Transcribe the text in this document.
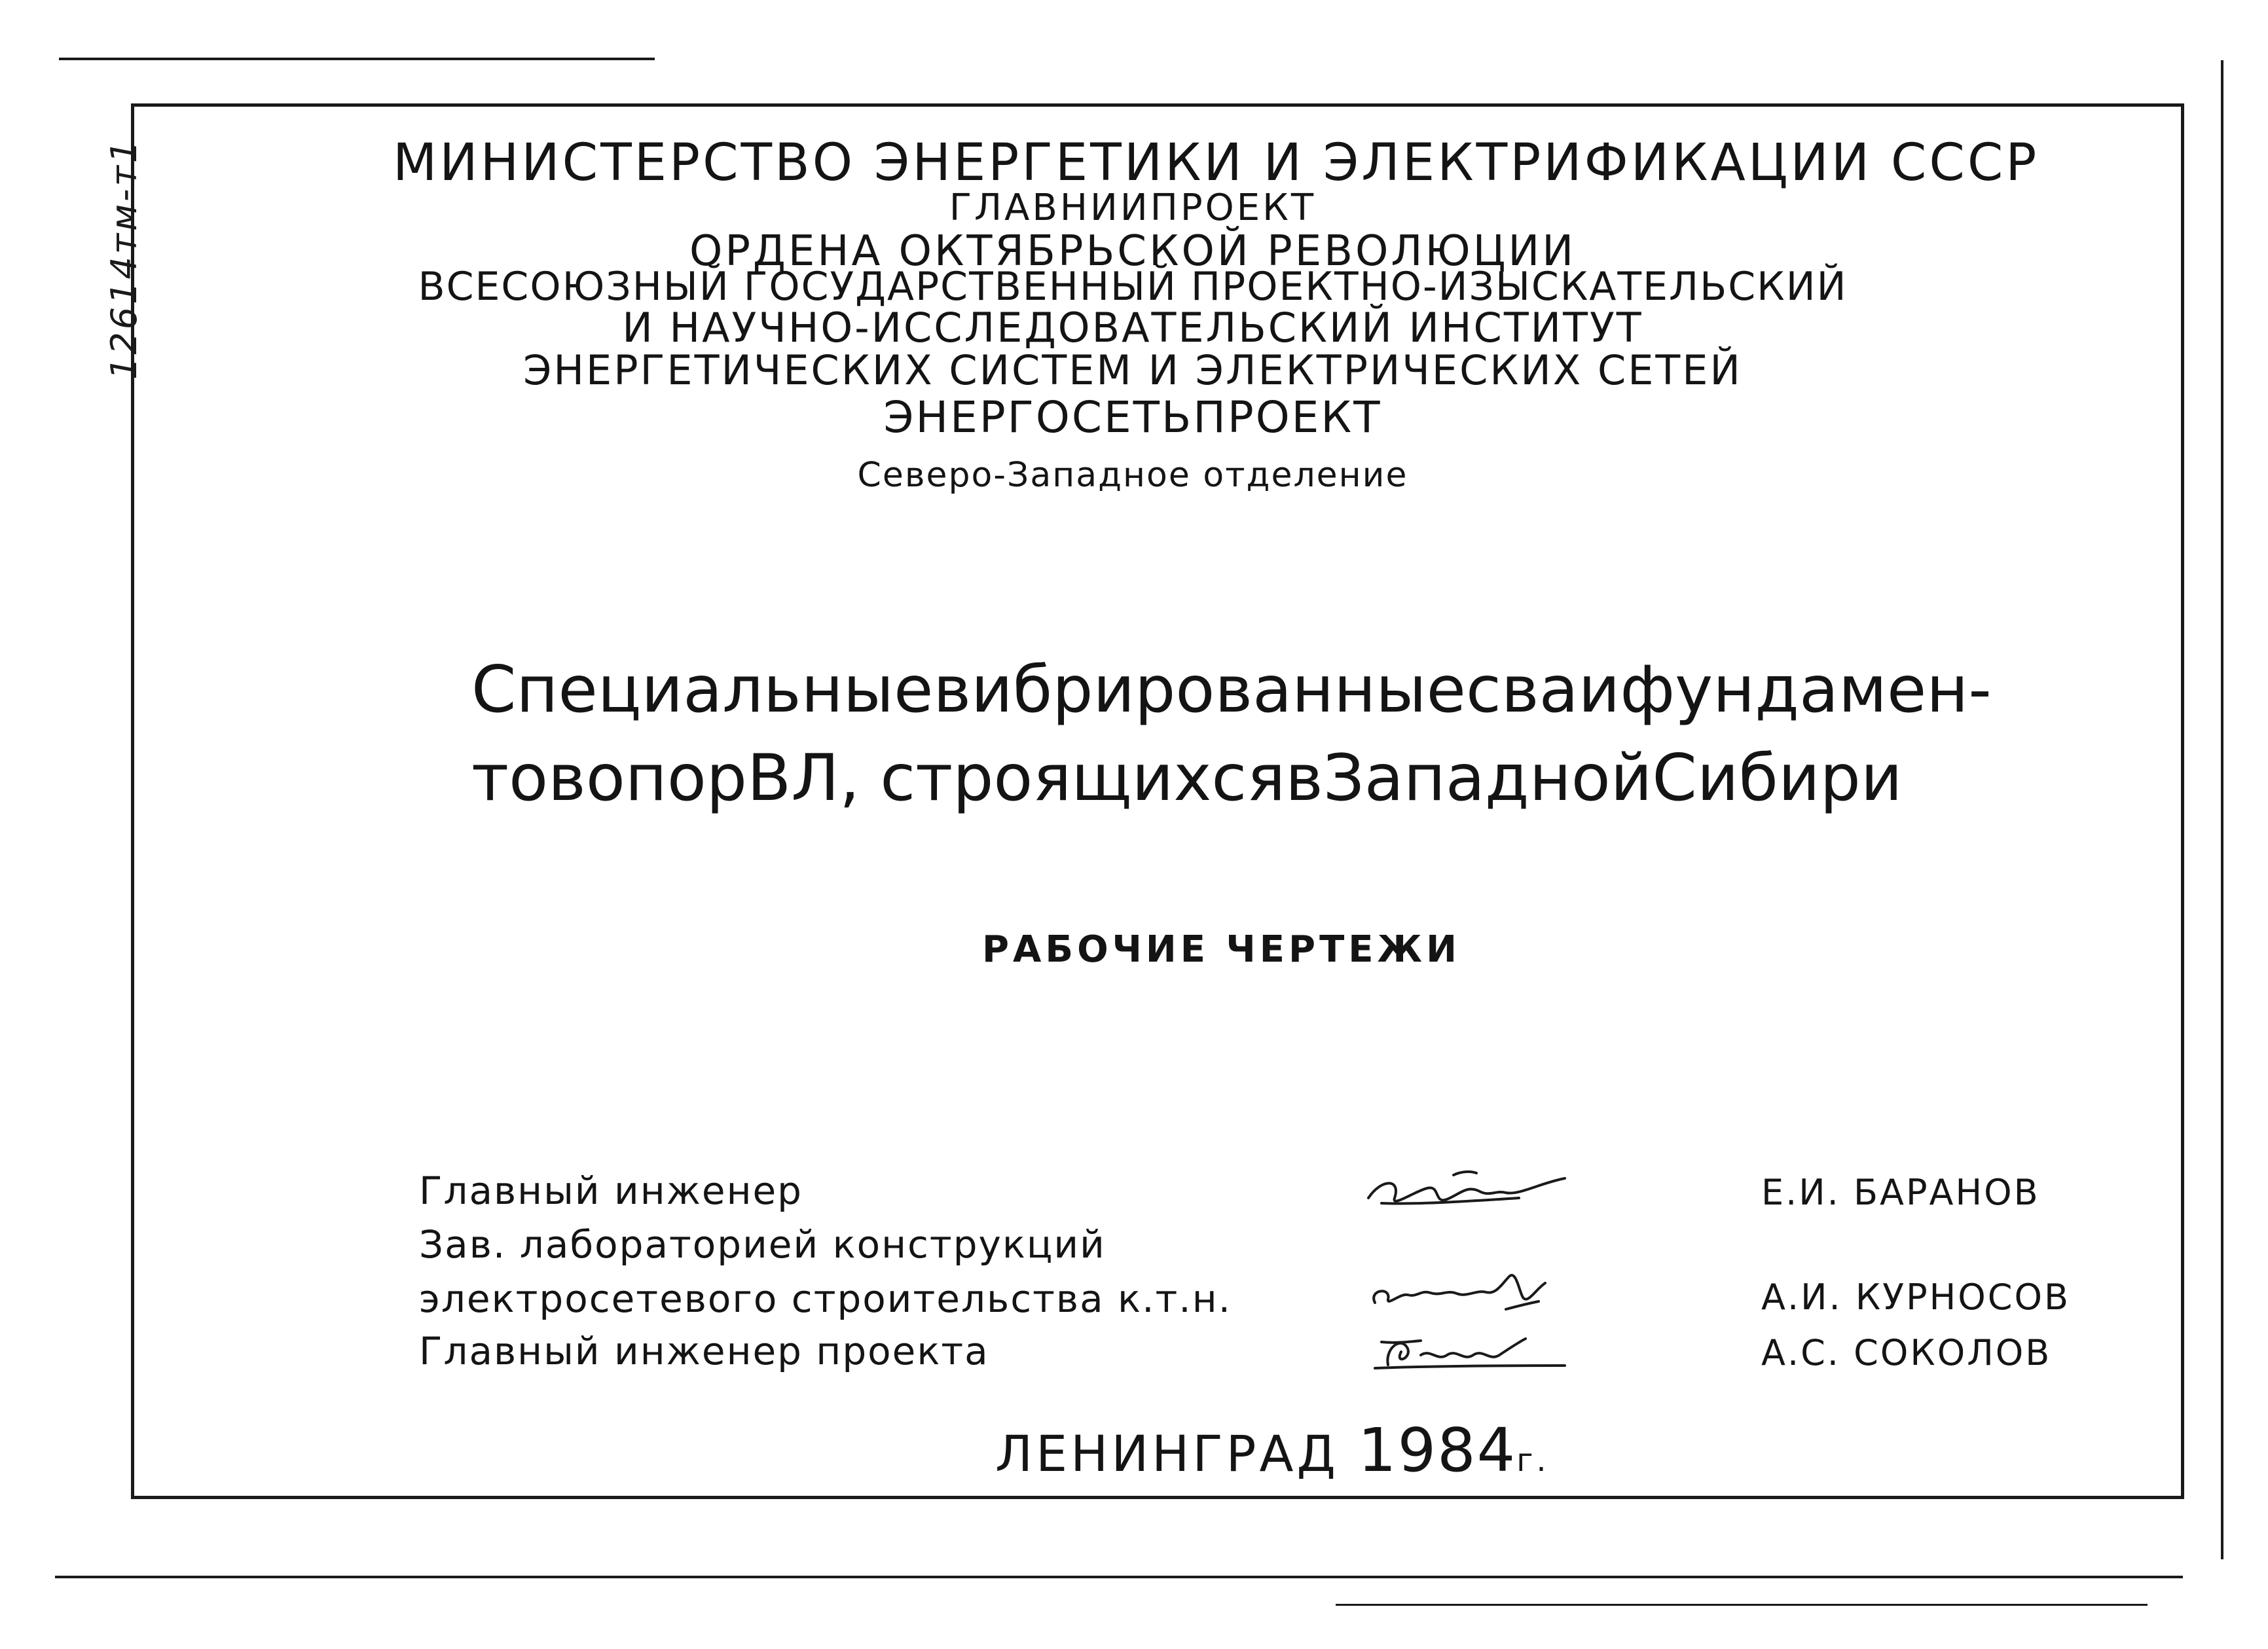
12614тм-т1	МИНИСТЕРСТВО ЭНЕРГЕТИКИ И ЭЛЕКТРИФИКАЦИИ СССР
ГЛАВНИИПРОЕКТ
ОРДЕНА ОКТЯБРЬСКОЙ РЕВОЛЮЦИИ
ВСЕСОЮЗНЫЙ ГОСУДАРСТВЕННЫЙ ПРОЕКТНО-ИЗЫСКАТЕЛЬСКИЙ
И НАУЧНО-ИССЛЕДОВАТЕЛЬСКИЙ ИНСТИТУТ
ЭНЕРГЕТИЧЕСКИХ СИСТЕМ И ЭЛЕКТРИЧЕСКИХ СЕТЕЙ
ЭНЕРГОСЕТЬПРОЕКТ
Северо-Западное отделение
Специальные вибрированные сваи фундамен-
тов опор ВЛ, строящихся в Западной Сибири
РАБОЧИЕ ЧЕРТЕЖИ
Главный инженер	Е.И. БАРАНОВ
Зав. лабораторией конструкций
электросетевого строительства к.т.н.	А.И. КУРНОСОВ
Главный инженер проекта	А.С. СОКОЛОВ
ЛЕНИНГРАД 1984г.
